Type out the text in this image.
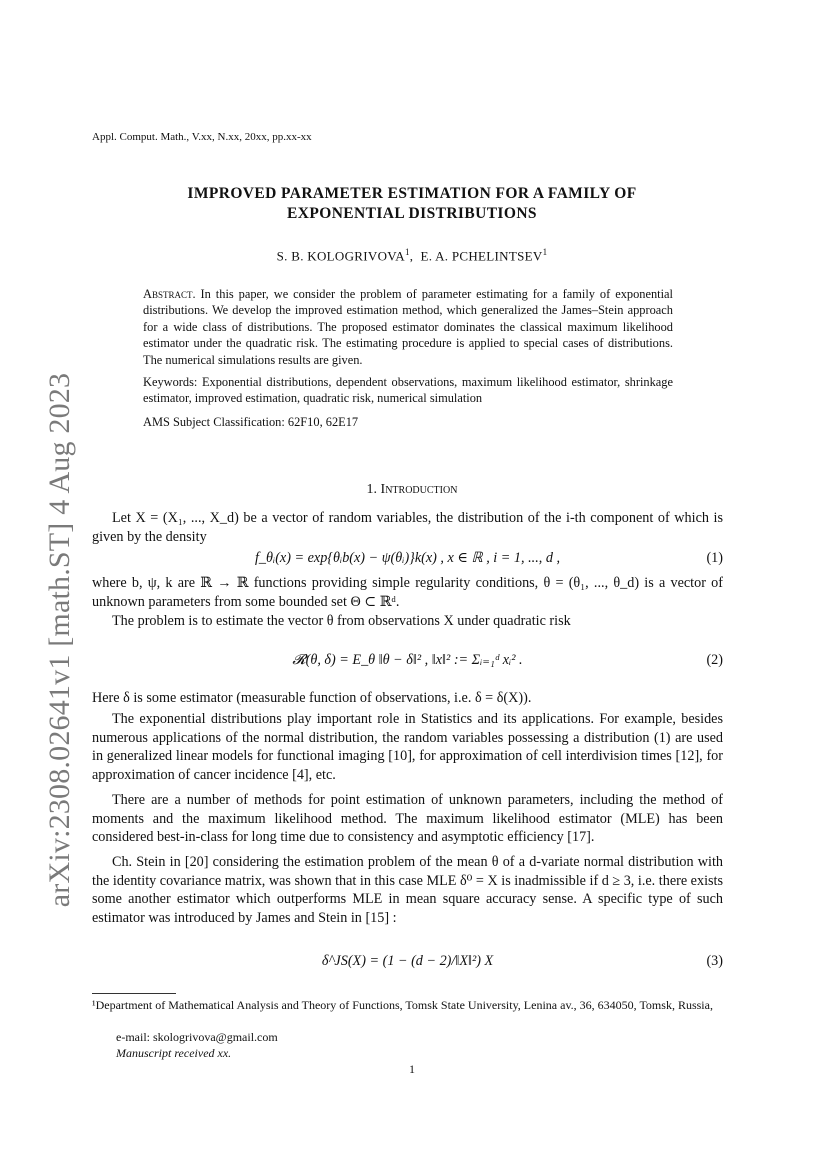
arXiv:2308.02641v1 [math.ST] 4 Aug 2023
Appl. Comput. Math., V.xx, N.xx, 20xx, pp.xx-xx
IMPROVED PARAMETER ESTIMATION FOR A FAMILY OF
EXPONENTIAL DISTRIBUTIONS
S. B. KOLOGRIVOVA$^1$,  E. A. PCHELINTSEV$^1$
Abstract. In this paper, we consider the problem of parameter estimating for a family of exponential distributions. We develop the improved estimation method, which generalized the James–Stein approach for a wide class of distributions. The proposed estimator dominates the classical maximum likelihood estimator under the quadratic risk. The estimating procedure is applied to special cases of distributions. The numerical simulations results are given.
Keywords: Exponential distributions, dependent observations, maximum likelihood estimator, shrinkage estimator, improved estimation, quadratic risk, numerical simulation
AMS Subject Classification: 62F10, 62E17
1. Introduction
Let X = (X₁, ..., X_d) be a vector of random variables, the distribution of the i-th component of which is given by the density
f_θᵢ(x) = exp{θᵢb(x) − ψ(θᵢ)}k(x) , x ∈ ℝ , i = 1, ..., d ,	(1)
where b, ψ, k are ℝ → ℝ functions providing simple regularity conditions, θ = (θ₁, ..., θ_d) is a vector of unknown parameters from some bounded set Θ ⊂ ℝᵈ.
The problem is to estimate the vector θ from observations X under quadratic risk
𝓡(θ, δ) = E_θ ‖θ − δ‖² , ‖x‖² := Σᵢ₌₁ᵈ xᵢ² .	(2)
Here δ is some estimator (measurable function of observations, i.e. δ = δ(X)).
The exponential distributions play important role in Statistics and its applications. For example, besides numerous applications of the normal distribution, the random variables possessing a distribution (1) are used in generalized linear models for functional imaging [10], for approximation of cell interdivision times [12], for approximation of cancer incidence [4], etc.
There are a number of methods for point estimation of unknown parameters, including the method of moments and the maximum likelihood method. The maximum likelihood estimator (MLE) has been considered best-in-class for long time due to consistency and asymptotic efficiency [17].
Ch. Stein in [20] considering the estimation problem of the mean θ of a d-variate normal distribution with the identity covariance matrix, was shown that in this case MLE δ⁰ = X is inadmissible if d ≥ 3, i.e. there exists some another estimator which outperforms MLE in mean square accuracy sense. A specific type of such estimator was introduced by James and Stein in [15] :
δ^JS(X) = (1 − (d − 2)/‖X‖²) X	(3)
¹Department of Mathematical Analysis and Theory of Functions, Tomsk State University, Lenina av., 36, 634050, Tomsk, Russia,
e-mail: skologrivova@gmail.com
Manuscript received xx.
1
